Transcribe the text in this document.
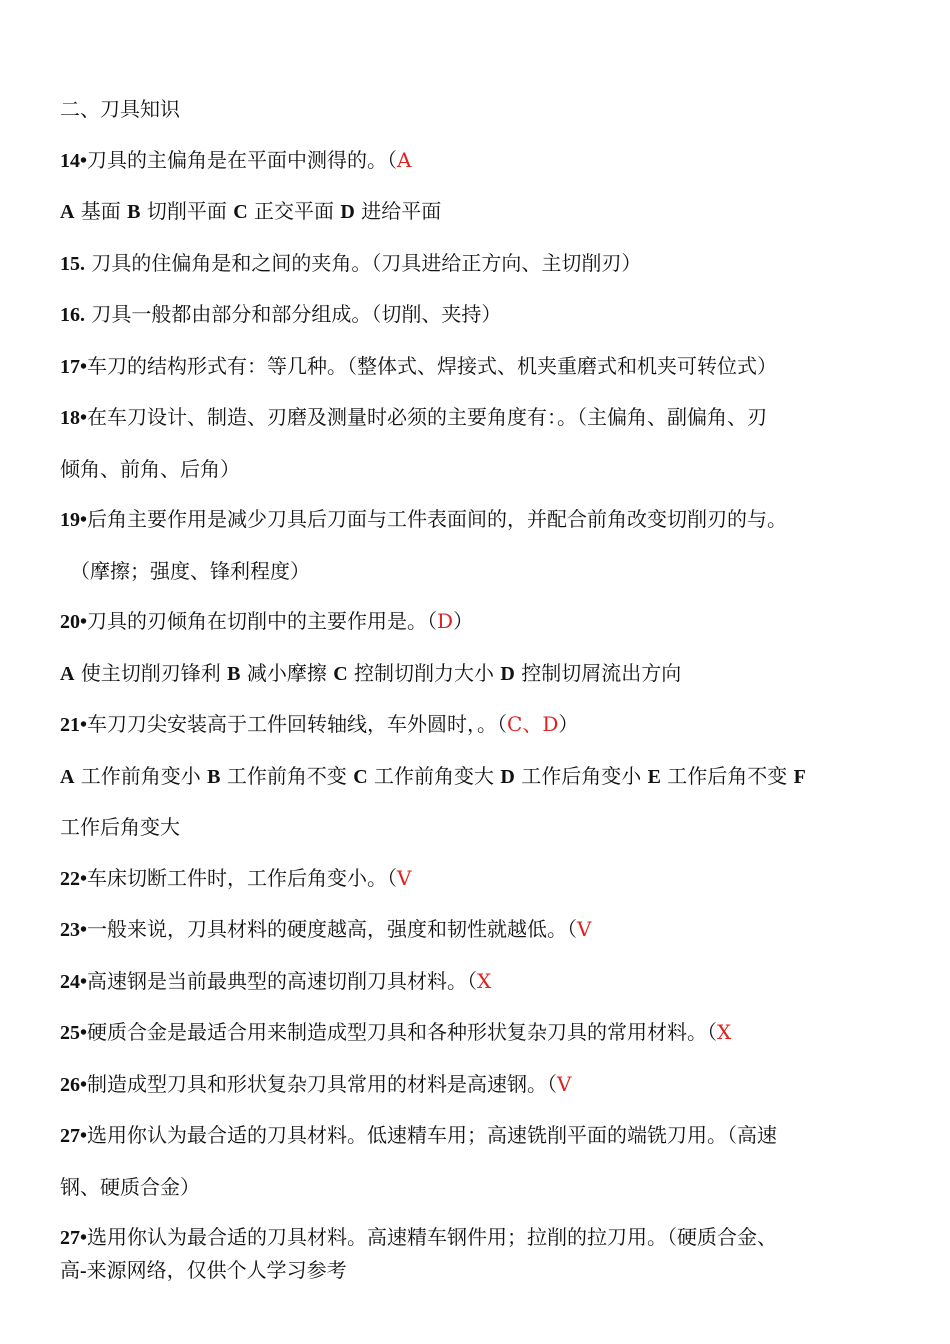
二、刀具知识
14•刀具的主偏角是在平面中测得的。（A
A 基面 B 切削平面 C 正交平面 D 进给平面
15. 刀具的住偏角是和之间的夹角。（刀具进给正方向、主切削刃）
16. 刀具一般都由部分和部分组成。（切削、夹持）
17•车刀的结构形式有：等几种。（整体式、焊接式、机夹重磨式和机夹可转位式）
18•在车刀设计、制造、刃磨及测量时必须的主要角度有：。（主偏角、副偏角、刃
倾角、前角、后角）
19•后角主要作用是减少刀具后刀面与工件表面间的，并配合前角改变切削刃的与。
（摩擦；强度、锋利程度）
20•刀具的刃倾角在切削中的主要作用是。（D）
A 使主切削刃锋利 B 减小摩擦 C 控制切削力大小 D 控制切屑流出方向
21•车刀刀尖安装高于工件回转轴线，车外圆时，。（C、D）
A 工作前角变小 B 工作前角不变 C 工作前角变大 D 工作后角变小 E 工作后角不变 F
工作后角变大
22•车床切断工件时，工作后角变小。（V
23•一般来说，刀具材料的硬度越高，强度和韧性就越低。（V
24•高速钢是当前最典型的高速切削刀具材料。（X
25•硬质合金是最适合用来制造成型刀具和各种形状复杂刀具的常用材料。（X
26•制造成型刀具和形状复杂刀具常用的材料是高速钢。（V
27•选用你认为最合适的刀具材料。低速精车用；高速铣削平面的端铣刀用。（高速
钢、硬质合金）
27•选用你认为最合适的刀具材料。高速精车钢件用；拉削的拉刀用。（硬质合金、
高-来源网络，仅供个人学习参考
